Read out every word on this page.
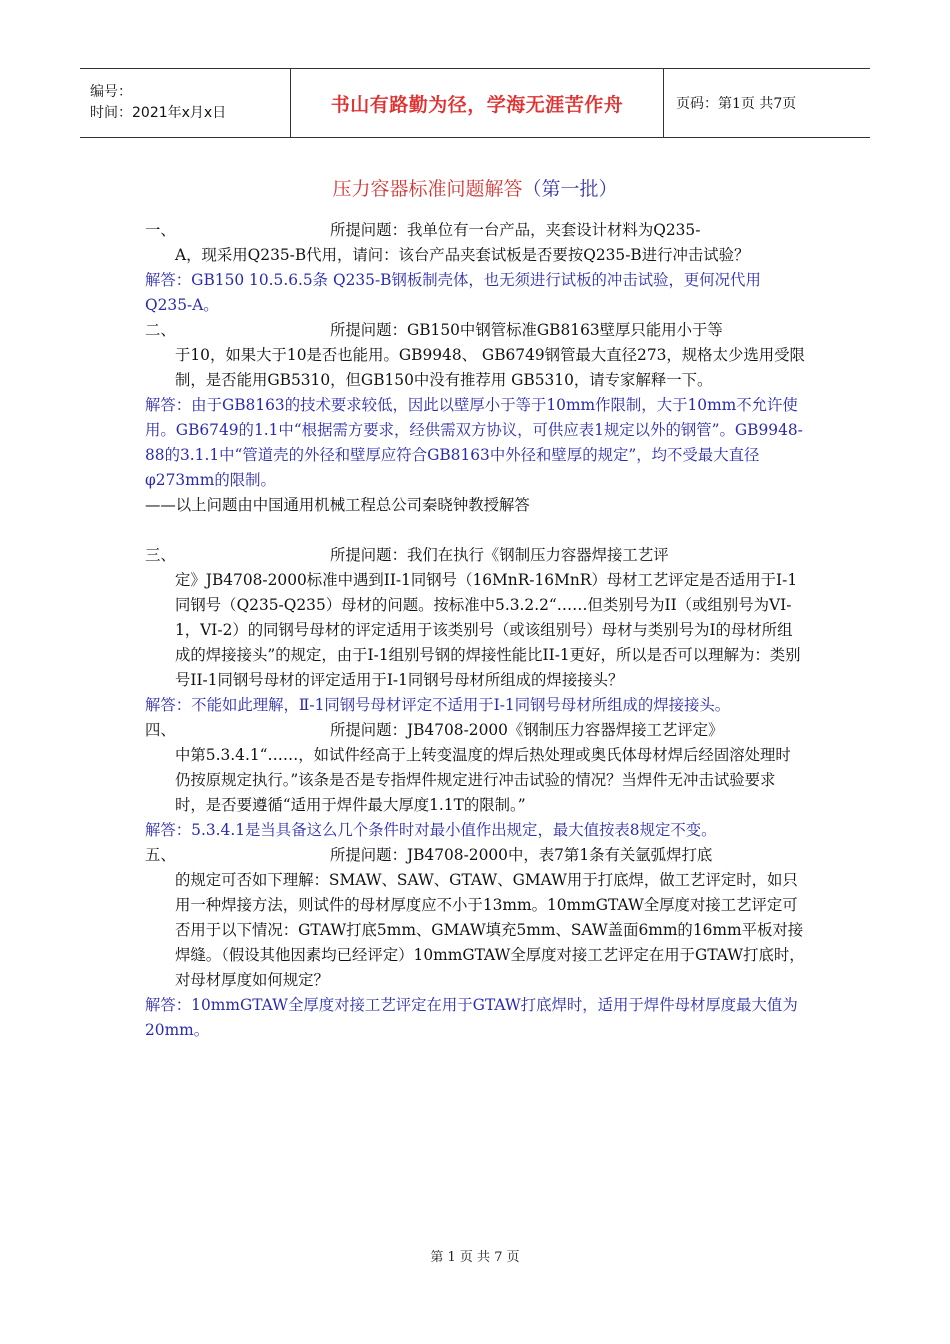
编号：
时间：2021年x月x日	书山有路勤为径，学海无涯苦作舟	页码：第1页 共7页
压力容器标准问题解答（第一批）
一、	所提问题：我单位有一台产品，夹套设计材料为Q235-
A，现采用Q235-B代用，请问：该台产品夹套试板是否要按Q235-B进行冲击试验？
解答：GB150 10.5.6.5条 Q235-B钢板制壳体，也无须进行试板的冲击试验，更何况代用Q235-A。
二、	所提问题：GB150中钢管标准GB8163壁厚只能用小于等
于10，如果大于10是否也能用。GB9948、 GB6749钢管最大直径273，规格太少选用受限制，是否能用GB5310，但GB150中没有推荐用 GB5310，请专家解释一下。
解答：由于GB8163的技术要求较低，因此以壁厚小于等于10mm作限制，大于10mm不允许使用。GB6749的1.1中“根据需方要求，经供需双方协议，可供应表1规定以外的钢管”。GB9948-88的3.1.1中“管道壳的外径和壁厚应符合GB8163中外径和壁厚的规定”，均不受最大直径 φ273mm的限制。
——以上问题由中国通用机械工程总公司秦晓钟教授解答
三、	所提问题：我们在执行《钢制压力容器焊接工艺评
定》JB4708-2000标准中遇到II-1同钢号（16MnR-16MnR）母材工艺评定是否适用于I-1同钢号（Q235-Q235）母材的问题。按标准中5.3.2.2“……但类别号为II（或组别号为VI-1，VI-2）的同钢号母材的评定适用于该类别号（或该组别号）母材与类别号为I的母材所组成的焊接接头”的规定，由于I-1组别号钢的焊接性能比II-1更好，所以是否可以理解为：类别号II-1同钢号母材的评定适用于I-1同钢号母材所组成的焊接接头？
解答：不能如此理解，Ⅱ-1同钢号母材评定不适用于Ⅰ-1同钢号母材所组成的焊接接头。
四、	所提问题：JB4708-2000《钢制压力容器焊接工艺评定》
中第5.3.4.1“……，如试件经高于上转变温度的焊后热处理或奥氏体母材焊后经固溶处理时仍按原规定执行。”该条是否是专指焊件规定进行冲击试验的情况？当焊件无冲击试验要求时，是否要遵循“适用于焊件最大厚度1.1T的限制。”
解答：5.3.4.1是当具备这么几个条件时对最小值作出规定，最大值按表8规定不变。
五、	所提问题：JB4708-2000中，表7第1条有关氩弧焊打底
的规定可否如下理解：SMAW、SAW、GTAW、GMAW用于打底焊，做工艺评定时，如只用一种焊接方法，则试件的母材厚度应不小于13mm。10mmGTAW全厚度对接工艺评定可否用于以下情况：GTAW打底5mm、GMAW填充5mm、SAW盖面6mm的16mm平板对接焊缝。（假设其他因素均已经评定）10mmGTAW全厚度对接工艺评定在用于GTAW打底时，对母材厚度如何规定？
解答：10mmGTAW全厚度对接工艺评定在用于GTAW打底焊时，适用于焊件母材厚度最大值为20mm。
第 1 页 共 7 页
